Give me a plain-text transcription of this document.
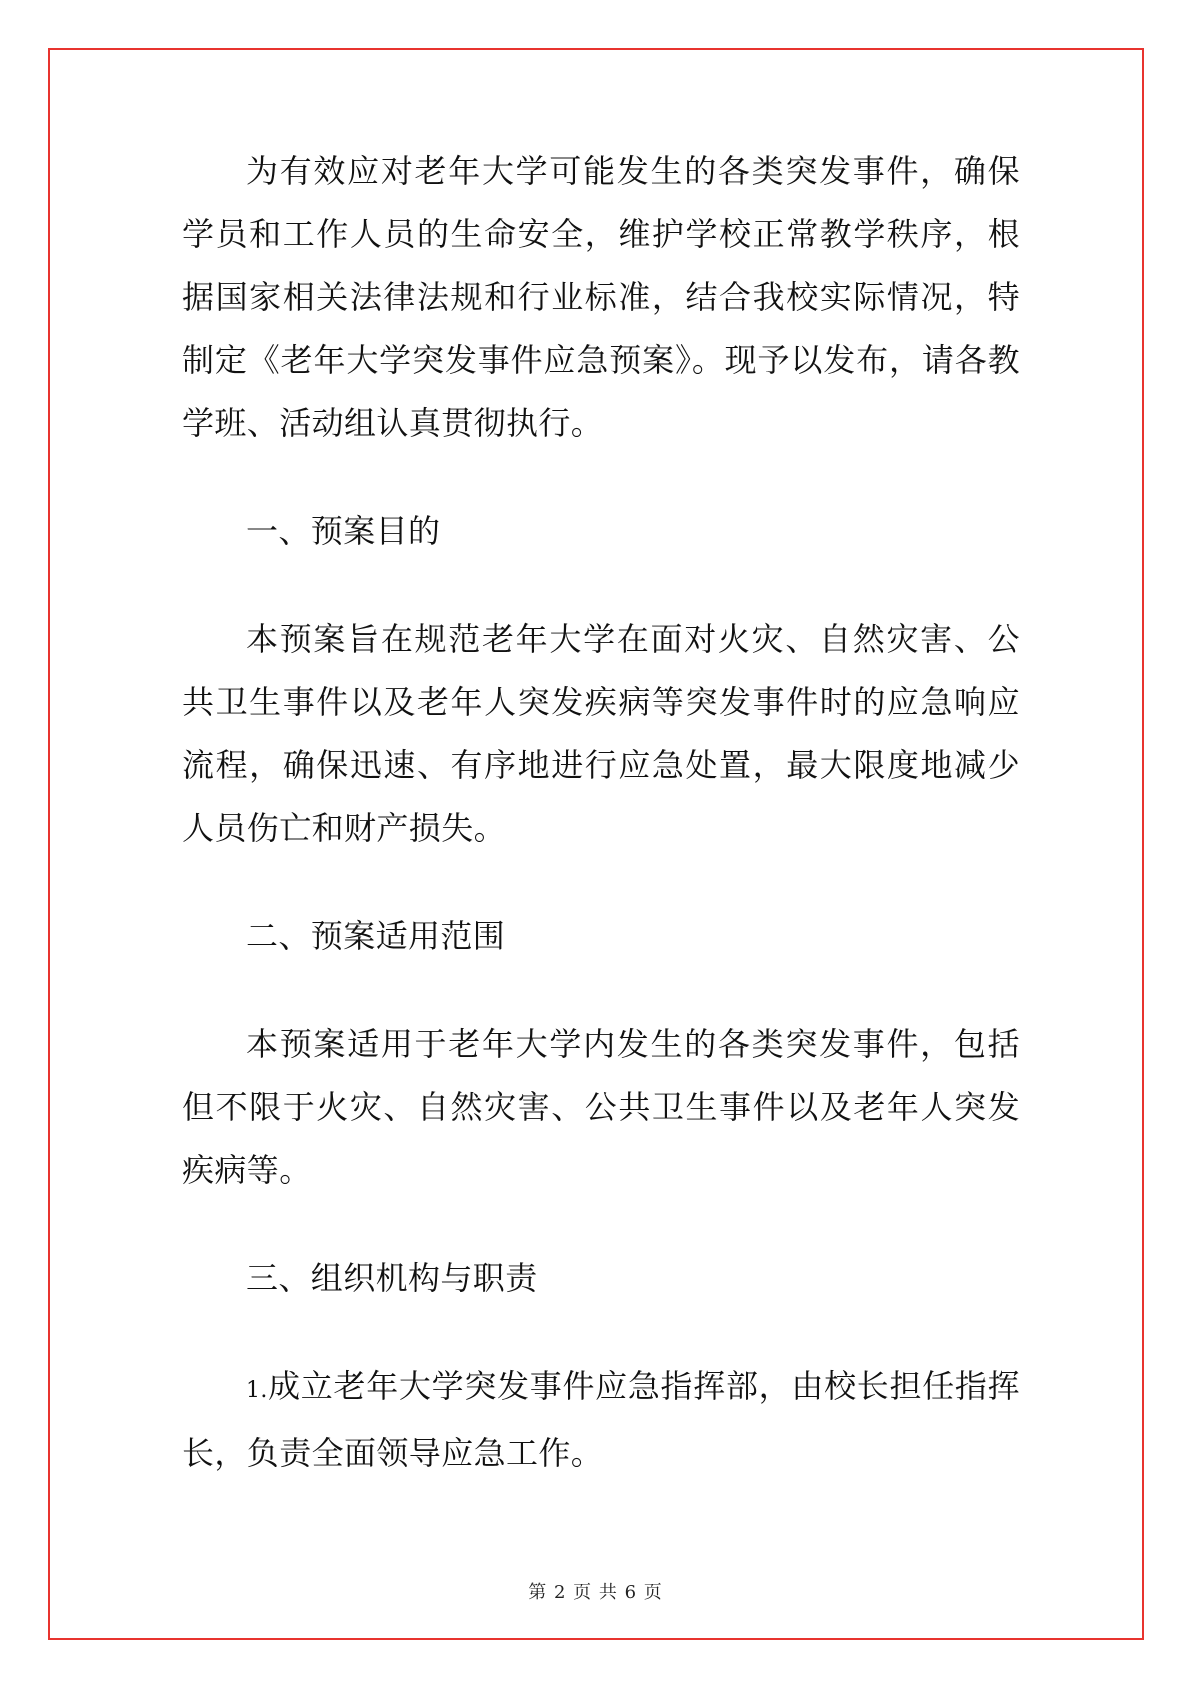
为有效应对老年大学可能发生的各类突发事件，确保学员和工作人员的生命安全，维护学校正常教学秩序，根据国家相关法律法规和行业标准，结合我校实际情况，特制定《老年大学突发事件应急预案》。现予以发布，请各教学班、活动组认真贯彻执行。

一、预案目的

本预案旨在规范老年大学在面对火灾、自然灾害、公共卫生事件以及老年人突发疾病等突发事件时的应急响应流程，确保迅速、有序地进行应急处置，最大限度地减少人员伤亡和财产损失。

二、预案适用范围

本预案适用于老年大学内发生的各类突发事件，包括但不限于火灾、自然灾害、公共卫生事件以及老年人突发疾病等。

三、组织机构与职责

1.成立老年大学突发事件应急指挥部，由校长担任指挥长，负责全面领导应急工作。

第 2 页 共 6 页
